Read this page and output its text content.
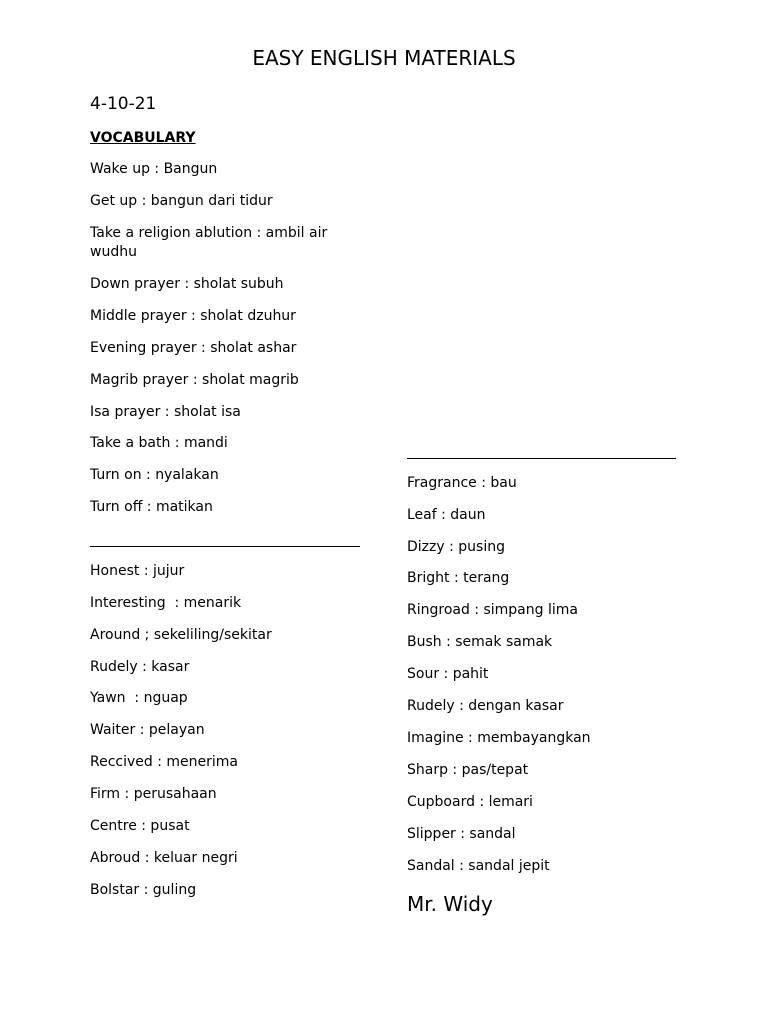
EASY ENGLISH MATERIALS
4-10-21
VOCABULARY
Wake up : Bangun
Get up : bangun dari tidur
Take a religion ablution : ambil air wudhu
Down prayer : sholat subuh
Middle prayer : sholat dzuhur
Evening prayer : sholat ashar
Magrib prayer : sholat magrib
Isa prayer : sholat isa
Take a bath : mandi
Turn on : nyalakan
Turn off : matikan
Honest : jujur
Interesting  : menarik
Around ; sekeliling/sekitar
Rudely : kasar
Yawn  : nguap
Waiter : pelayan
Reccived : menerima
Firm : perusahaan
Centre : pusat
Abroud : keluar negri
Bolstar : guling
Fragrance : bau
Leaf : daun
Dizzy : pusing
Bright : terang
Ringroad : simpang lima
Bush : semak samak
Sour : pahit
Rudely : dengan kasar
Imagine : membayangkan
Sharp : pas/tepat
Cupboard : lemari
Slipper : sandal
Sandal : sandal jepit
Mr. Widy
